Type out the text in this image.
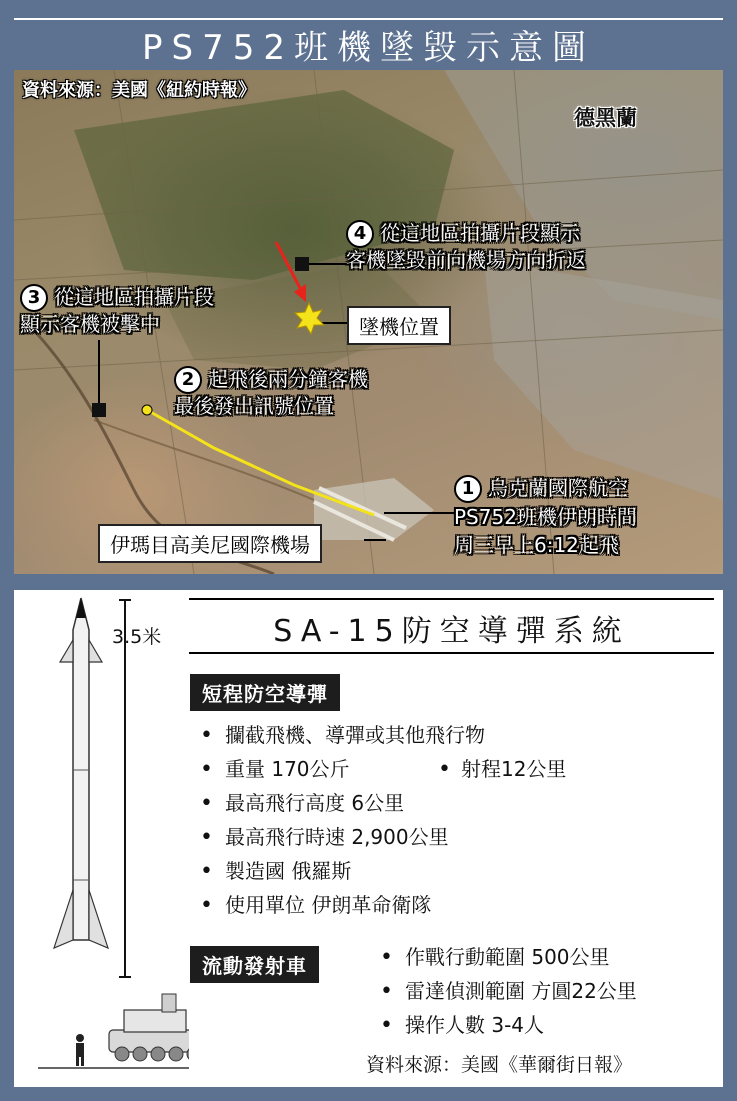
PS752班機墜毀示意圖
資料來源：美國《紐約時報》
德黑蘭
4 從這地區拍攝片段顯示
客機墜毀前向機場方向折返
3 從這地區拍攝片段
顯示客機被擊中	墜機位置
2 起飛後兩分鐘客機
最後發出訊號位置
1 烏克蘭國際航空
PS752班機伊朗時間
周三早上6:12起飛
伊瑪目高美尼國際機場
3.5米	SA-15防空導彈系統
短程防空導彈
• 攔截飛機、導彈或其他飛行物
• 重量 170公斤
• 最高飛行高度 6公里
• 最高飛行時速 2,900公里
• 製造國 俄羅斯
• 使用單位 伊朗革命衛隊
• 射程12公里
流動發射車
•	作戰行動範圍 500公里
• 雷達偵測範圍 方圓22公里
• 操作人數 3-4人
資料來源：美國《華爾街日報》
